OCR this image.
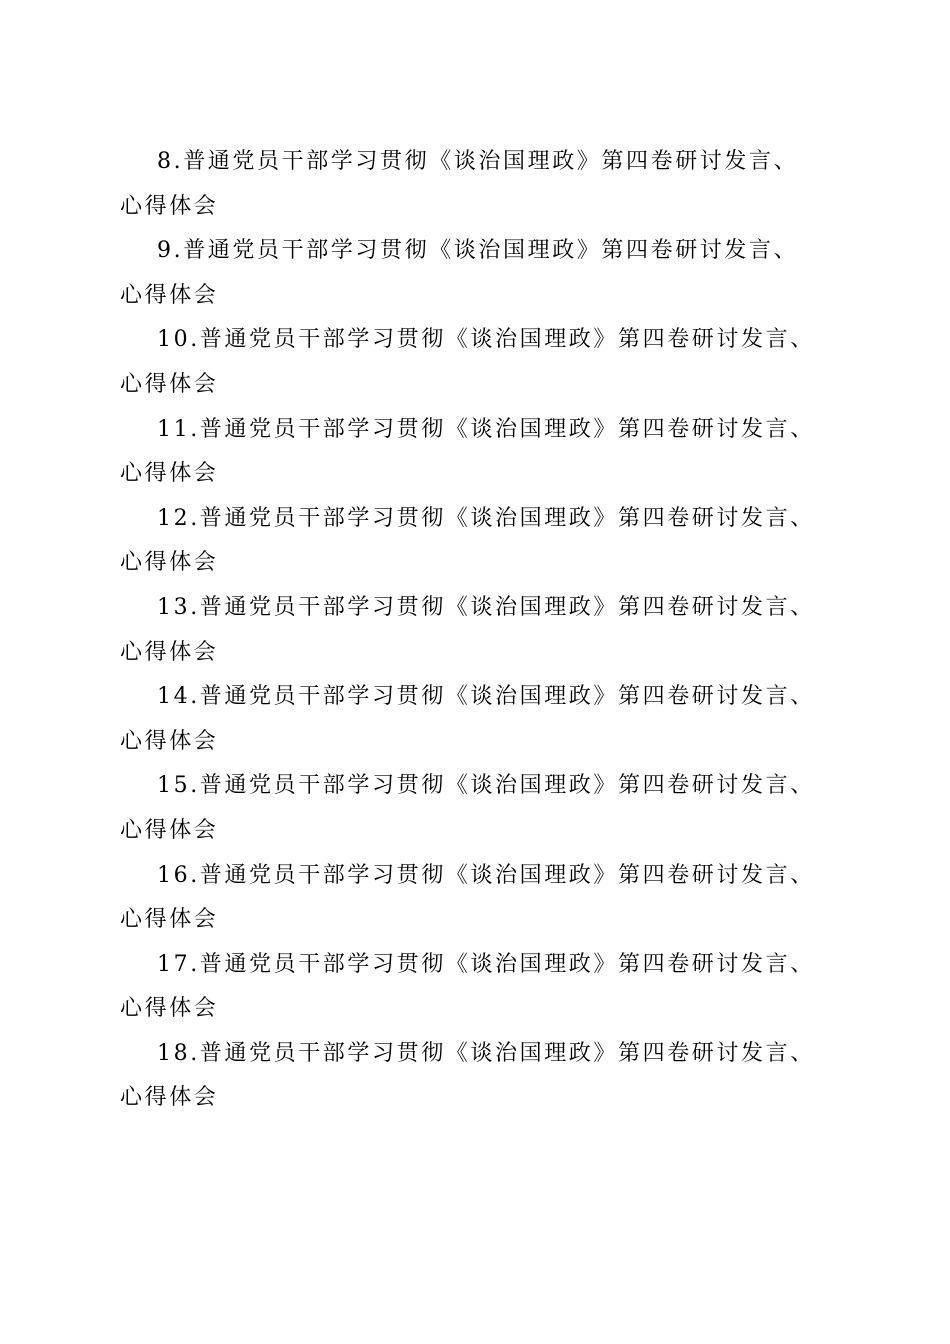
8.普通党员干部学习贯彻《谈治国理政》第四卷研讨发言、
心得体会
9.普通党员干部学习贯彻《谈治国理政》第四卷研讨发言、
心得体会
10.普通党员干部学习贯彻《谈治国理政》第四卷研讨发言、
心得体会
11.普通党员干部学习贯彻《谈治国理政》第四卷研讨发言、
心得体会
12.普通党员干部学习贯彻《谈治国理政》第四卷研讨发言、
心得体会
13.普通党员干部学习贯彻《谈治国理政》第四卷研讨发言、
心得体会
14.普通党员干部学习贯彻《谈治国理政》第四卷研讨发言、
心得体会
15.普通党员干部学习贯彻《谈治国理政》第四卷研讨发言、
心得体会
16.普通党员干部学习贯彻《谈治国理政》第四卷研讨发言、
心得体会
17.普通党员干部学习贯彻《谈治国理政》第四卷研讨发言、
心得体会
18.普通党员干部学习贯彻《谈治国理政》第四卷研讨发言、
心得体会
